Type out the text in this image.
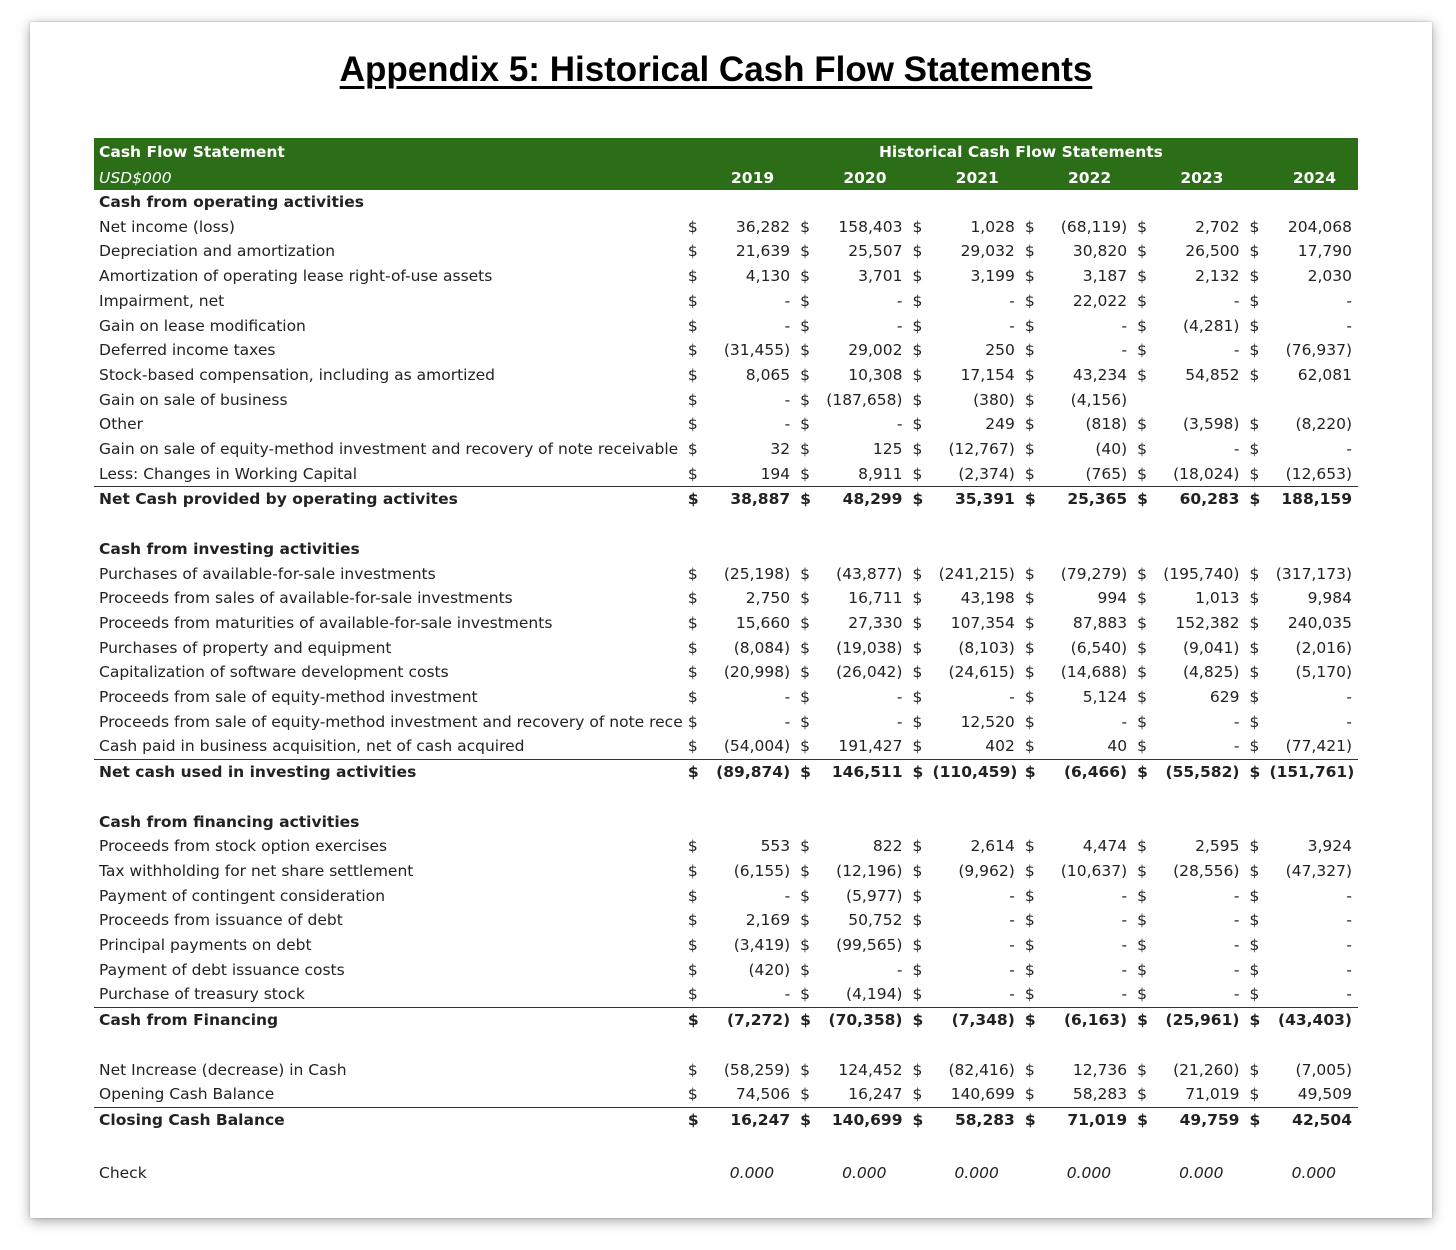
Appendix 5: Historical Cash Flow Statements
Cash Flow Statement	Historical Cash Flow Statements											
USD$000	2019		2020		2021		2022		2023		2024	
Cash from operating activities												
Net income (loss)	$	36,282	$	158,403	$	1,028	$	(68,119)	$	2,702	$	204,068
Depreciation and amortization	$	21,639	$	25,507	$	29,032	$	30,820	$	26,500	$	17,790
Amortization of operating lease right-of-use assets	$	4,130	$	3,701	$	3,199	$	3,187	$	2,132	$	2,030
Impairment, net	$	-	$	-	$	-	$	22,022	$	-	$	-
Gain on lease modification	$	-	$	-	$	-	$	-	$	(4,281)	$	-
Deferred income taxes	$	(31,455)	$	29,002	$	250	$	-	$	-	$	(76,937)
Stock-based compensation, including as amortized	$	8,065	$	10,308	$	17,154	$	43,234	$	54,852	$	62,081
Gain on sale of business	$	-	$	(187,658)	$	(380)	$	(4,156)				
Other	$	-	$	-	$	249	$	(818)	$	(3,598)	$	(8,220)
Gain on sale of equity-method investment and recovery of note receivable	$	32	$	125	$	(12,767)	$	(40)	$	-	$	-
Less: Changes in Working Capital	$	194	$	8,911	$	(2,374)	$	(765)	$	(18,024)	$	(12,653)
Net Cash provided by operating activites	$	38,887	$	48,299	$	35,391	$	25,365	$	60,283	$	188,159

Cash from investing activities												
Purchases of available-for-sale investments	$	(25,198)	$	(43,877)	$	(241,215)	$	(79,279)	$	(195,740)	$	(317,173)
Proceeds from sales of available-for-sale investments	$	2,750	$	16,711	$	43,198	$	994	$	1,013	$	9,984
Proceeds from maturities of available-for-sale investments	$	15,660	$	27,330	$	107,354	$	87,883	$	152,382	$	240,035
Purchases of property and equipment	$	(8,084)	$	(19,038)	$	(8,103)	$	(6,540)	$	(9,041)	$	(2,016)
Capitalization of software development costs	$	(20,998)	$	(26,042)	$	(24,615)	$	(14,688)	$	(4,825)	$	(5,170)
Proceeds from sale of equity-method investment	$	-	$	-	$	-	$	5,124	$	629	$	-
Proceeds from sale of equity-method investment and recovery of note rece	$	-	$	-	$	12,520	$	-	$	-	$	-
Cash paid in business acquisition, net of cash acquired	$	(54,004)	$	191,427	$	402	$	40	$	-	$	(77,421)
Net cash used in investing activities	$	(89,874)	$	146,511	$	(110,459)	$	(6,466)	$	(55,582)	$	(151,761)

Cash from financing activities												
Proceeds from stock option exercises	$	553	$	822	$	2,614	$	4,474	$	2,595	$	3,924
Tax withholding for net share settlement	$	(6,155)	$	(12,196)	$	(9,962)	$	(10,637)	$	(28,556)	$	(47,327)
Payment of contingent consideration	$	-	$	(5,977)	$	-	$	-	$	-	$	-
Proceeds from issuance of debt	$	2,169	$	50,752	$	-	$	-	$	-	$	-
Principal payments on debt	$	(3,419)	$	(99,565)	$	-	$	-	$	-	$	-
Payment of debt issuance costs	$	(420)	$	-	$	-	$	-	$	-	$	-
Purchase of treasury stock	$	-	$	(4,194)	$	-	$	-	$	-	$	-
Cash from Financing	$	(7,272)	$	(70,358)	$	(7,348)	$	(6,163)	$	(25,961)	$	(43,403)

Net Increase (decrease) in Cash	$	(58,259)	$	124,452	$	(82,416)	$	12,736	$	(21,260)	$	(7,005)
Opening Cash Balance	$	74,506	$	16,247	$	140,699	$	58,283	$	71,019	$	49,509
Closing Cash Balance	$	16,247	$	140,699	$	58,283	$	71,019	$	49,759	$	42,504

Check	0.000		0.000		0.000		0.000		0.000		0.000	
